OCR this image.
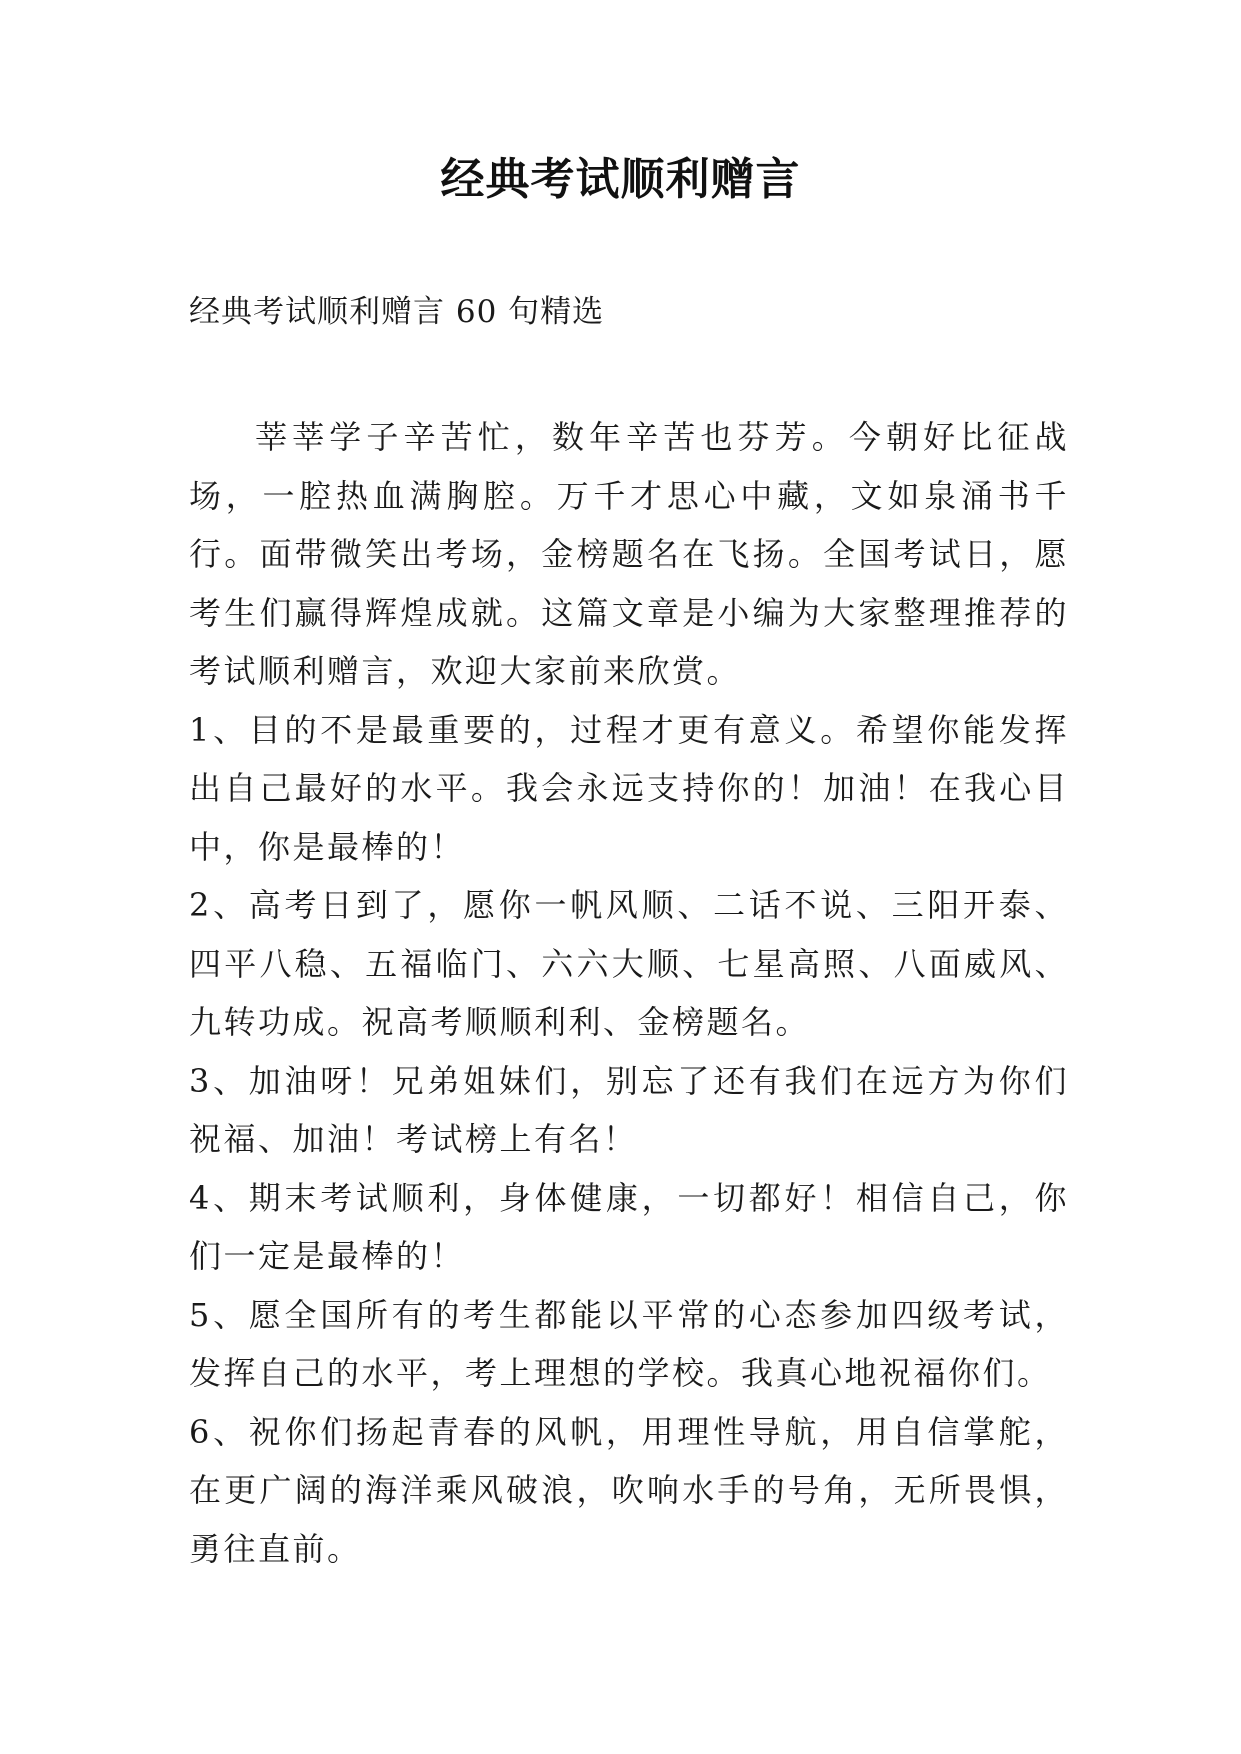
经典考试顺利赠言
经典考试顺利赠言 60 句精选

莘莘学子辛苦忙，数年辛苦也芬芳。今朝好比征战场，一腔热血满胸腔。万千才思心中藏，文如泉涌书千行。面带微笑出考场，金榜题名在飞扬。全国考试日，愿考生们赢得辉煌成就。这篇文章是小编为大家整理推荐的考试顺利赠言，欢迎大家前来欣赏。

1、目的不是最重要的，过程才更有意义。希望你能发挥出自己最好的水平。我会永远支持你的！加油！在我心目中，你是最棒的！

2、高考日到了，愿你一帆风顺、二话不说、三阳开泰、四平八稳、五福临门、六六大顺、七星高照、八面威风、九转功成。祝高考顺顺利利、金榜题名。

3、加油呀！兄弟姐妹们，别忘了还有我们在远方为你们祝福、加油！考试榜上有名！

4、期末考试顺利，身体健康，一切都好！相信自己，你们一定是最棒的！

5、愿全国所有的考生都能以平常的心态参加四级考试，发挥自己的水平，考上理想的学校。我真心地祝福你们。

6、祝你们扬起青春的风帆，用理性导航，用自信掌舵，在更广阔的海洋乘风破浪，吹响水手的号角，无所畏惧，勇往直前。
